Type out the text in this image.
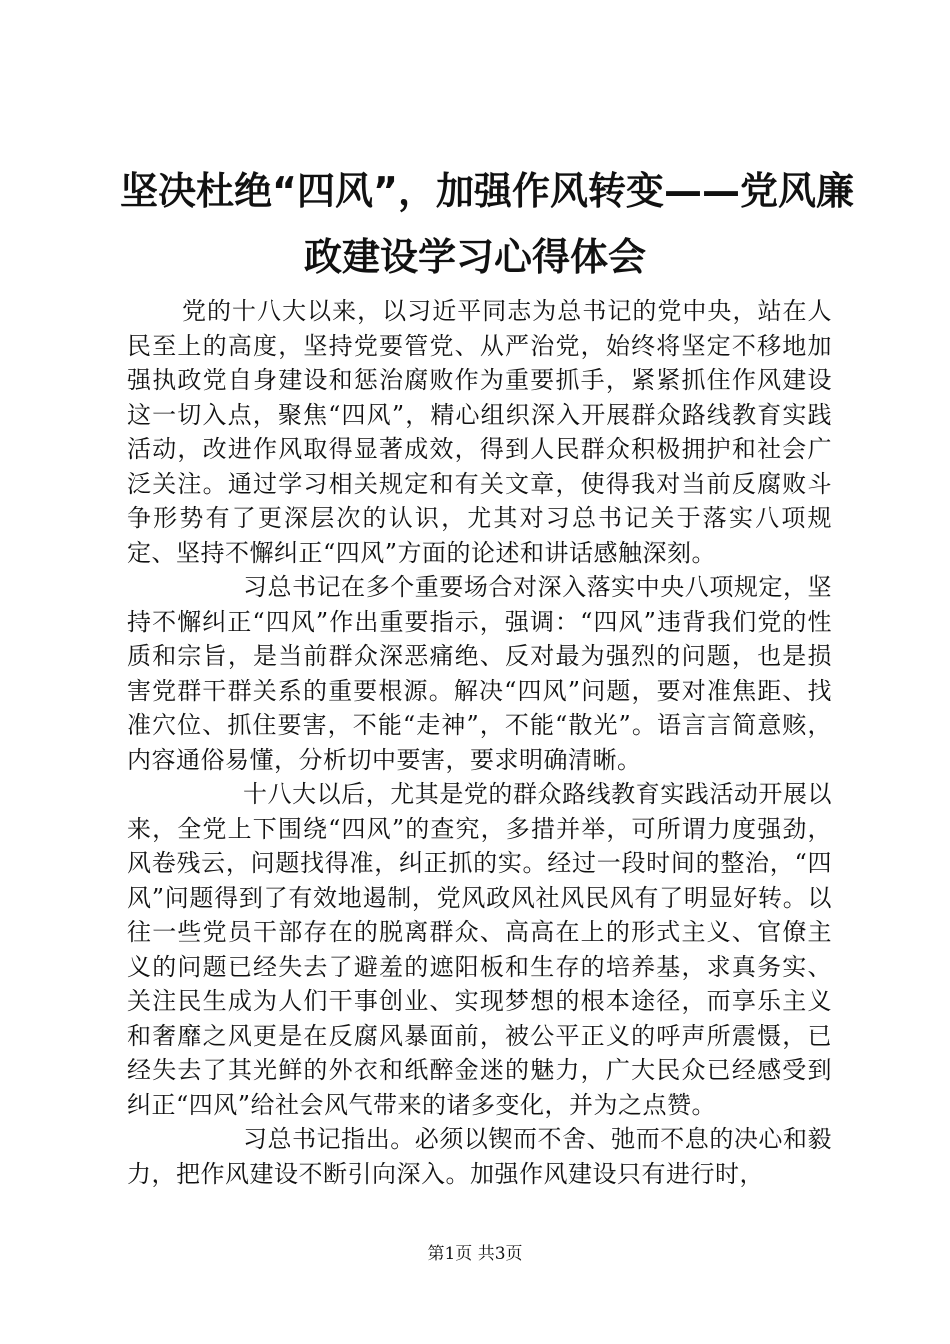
坚决杜绝“四风”，加强作风转变——党风廉
政建设学习心得体会

党的十八大以来，以习近平同志为总书记的党中央，站在人民至上的高度，坚持党要管党、从严治党，始终将坚定不移地加强执政党自身建设和惩治腐败作为重要抓手，紧紧抓住作风建设这一切入点，聚焦“四风”，精心组织深入开展群众路线教育实践活动，改进作风取得显著成效，得到人民群众积极拥护和社会广泛关注。通过学习相关规定和有关文章，使得我对当前反腐败斗争形势有了更深层次的认识，尤其对习总书记关于落实八项规定、坚持不懈纠正“四风”方面的论述和讲话感触深刻。

习总书记在多个重要场合对深入落实中央八项规定，坚持不懈纠正“四风”作出重要指示，强调：“四风”违背我们党的性质和宗旨，是当前群众深恶痛绝、反对最为强烈的问题，也是损害党群干群关系的重要根源。解决“四风”问题，要对准焦距、找准穴位、抓住要害，不能“走神”，不能“散光”。语言言简意赅，内容通俗易懂，分析切中要害，要求明确清晰。

十八大以后，尤其是党的群众路线教育实践活动开展以来，全党上下围绕“四风”的查究，多措并举，可所谓力度强劲，风卷残云，问题找得准，纠正抓的实。经过一段时间的整治，“四风”问题得到了有效地遏制，党风政风社风民风有了明显好转。以往一些党员干部存在的脱离群众、高高在上的形式主义、官僚主义的问题已经失去了避羞的遮阳板和生存的培养基，求真务实、关注民生成为人们干事创业、实现梦想的根本途径，而享乐主义和奢靡之风更是在反腐风暴面前，被公平正义的呼声所震慑，已经失去了其光鲜的外衣和纸醉金迷的魅力，广大民众已经感受到纠正“四风”给社会风气带来的诸多变化，并为之点赞。

习总书记指出。必须以锲而不舍、弛而不息的决心和毅力，把作风建设不断引向深入。加强作风建设只有进行时，

第1页 共3页
